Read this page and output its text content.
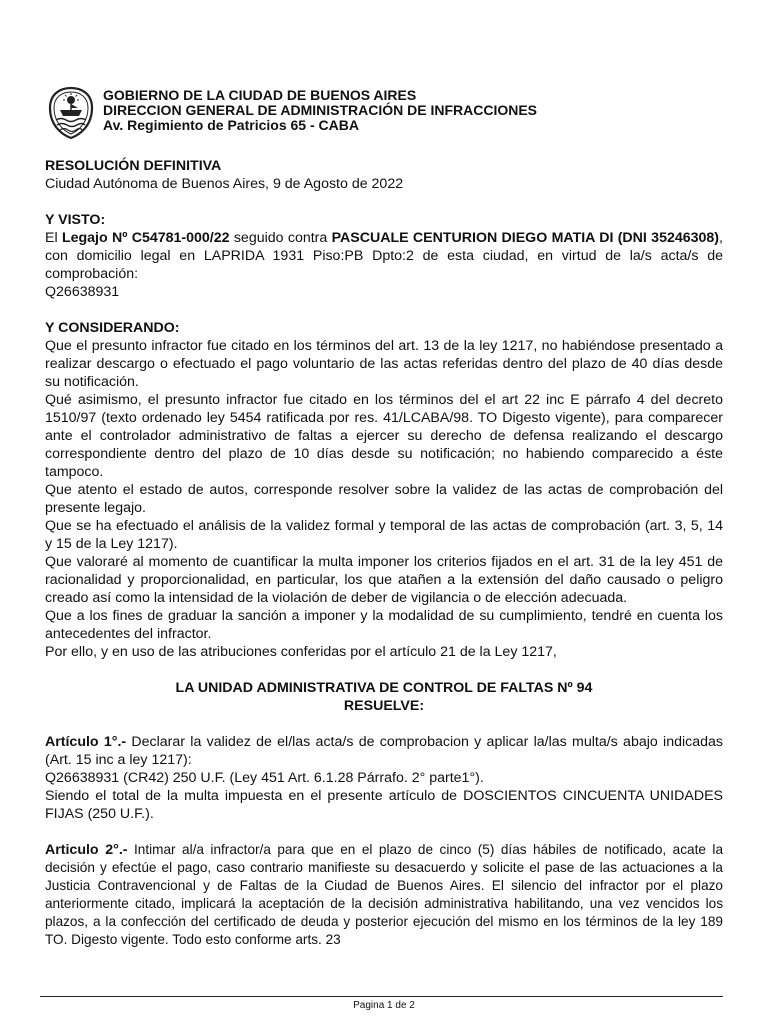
GOBIERNO DE LA CIUDAD DE BUENOS AIRES
DIRECCION GENERAL DE ADMINISTRACIÓN DE INFRACCIONES
Av. Regimiento de Patricios 65 - CABA

RESOLUCIÓN DEFINITIVA

Ciudad Autónoma de Buenos Aires, 9 de Agosto de 2022

Y VISTO:

El Legajo Nº C54781-000/22 seguido contra PASCUALE CENTURION DIEGO MATIA DI (DNI 35246308), con domicilio legal en LAPRIDA 1931 Piso:PB Dpto:2 de esta ciudad, en virtud de la/s acta/s de comprobación:

Q26638931

Y CONSIDERANDO:

Que el presunto infractor fue citado en los términos del art. 13 de la ley 1217, no habiéndose presentado a realizar descargo o efectuado el pago voluntario de las actas referidas dentro del plazo de 40 días desde su notificación.

Qué asimismo, el presunto infractor fue citado en los términos del el art 22 inc E párrafo 4 del decreto 1510/97 (texto ordenado ley 5454 ratificada por res. 41/LCABA/98. TO Digesto vigente), para comparecer ante el controlador administrativo de faltas a ejercer su derecho de defensa realizando el descargo correspondiente dentro del plazo de 10 días desde su notificación; no habiendo comparecido a éste tampoco.

Que atento el estado de autos, corresponde resolver sobre la validez de las actas de comprobación del presente legajo.

Que se ha efectuado el análisis de la validez formal y temporal de las actas de comprobación (art. 3, 5, 14 y 15 de la Ley 1217).

Que valoraré al momento de cuantificar la multa imponer los criterios fijados en el art. 31 de la ley 451 de racionalidad y proporcionalidad, en particular, los que atañen a la extensión del daño causado o peligro creado así como la intensidad de la violación de deber de vigilancia o de elección adecuada.

Que a los fines de graduar la sanción a imponer y la modalidad de su cumplimiento, tendré en cuenta los antecedentes del infractor.

Por ello, y en uso de las atribuciones conferidas por el artículo 21 de la Ley 1217,

LA UNIDAD ADMINISTRATIVA DE CONTROL DE FALTAS Nº 94

RESUELVE:

Artículo 1°.- Declarar la validez de el/las acta/s de comprobacion y aplicar la/las multa/s abajo indicadas (Art. 15 inc a ley 1217):

Q26638931 (CR42) 250 U.F. (Ley 451 Art. 6.1.28 Párrafo. 2° parte1°).

Siendo el total de la multa impuesta en el presente artículo de DOSCIENTOS CINCUENTA UNIDADES FIJAS (250 U.F.).

Articulo 2°.- Intimar al/a infractor/a para que en el plazo de cinco (5) días hábiles de notificado, acate la decisión y efectúe el pago, caso contrario manifieste su desacuerdo y solicite el pase de las actuaciones a la Justicia Contravencional y de Faltas de la Ciudad de Buenos Aires. El silencio del infractor por el plazo anteriormente citado, implicará la aceptación de la decisión administrativa habilitando, una vez vencidos los plazos, a la confección del certificado de deuda y posterior ejecución del mismo en los términos de la ley 189 TO. Digesto vigente. Todo esto conforme arts. 23

Pagina 1 de 2
